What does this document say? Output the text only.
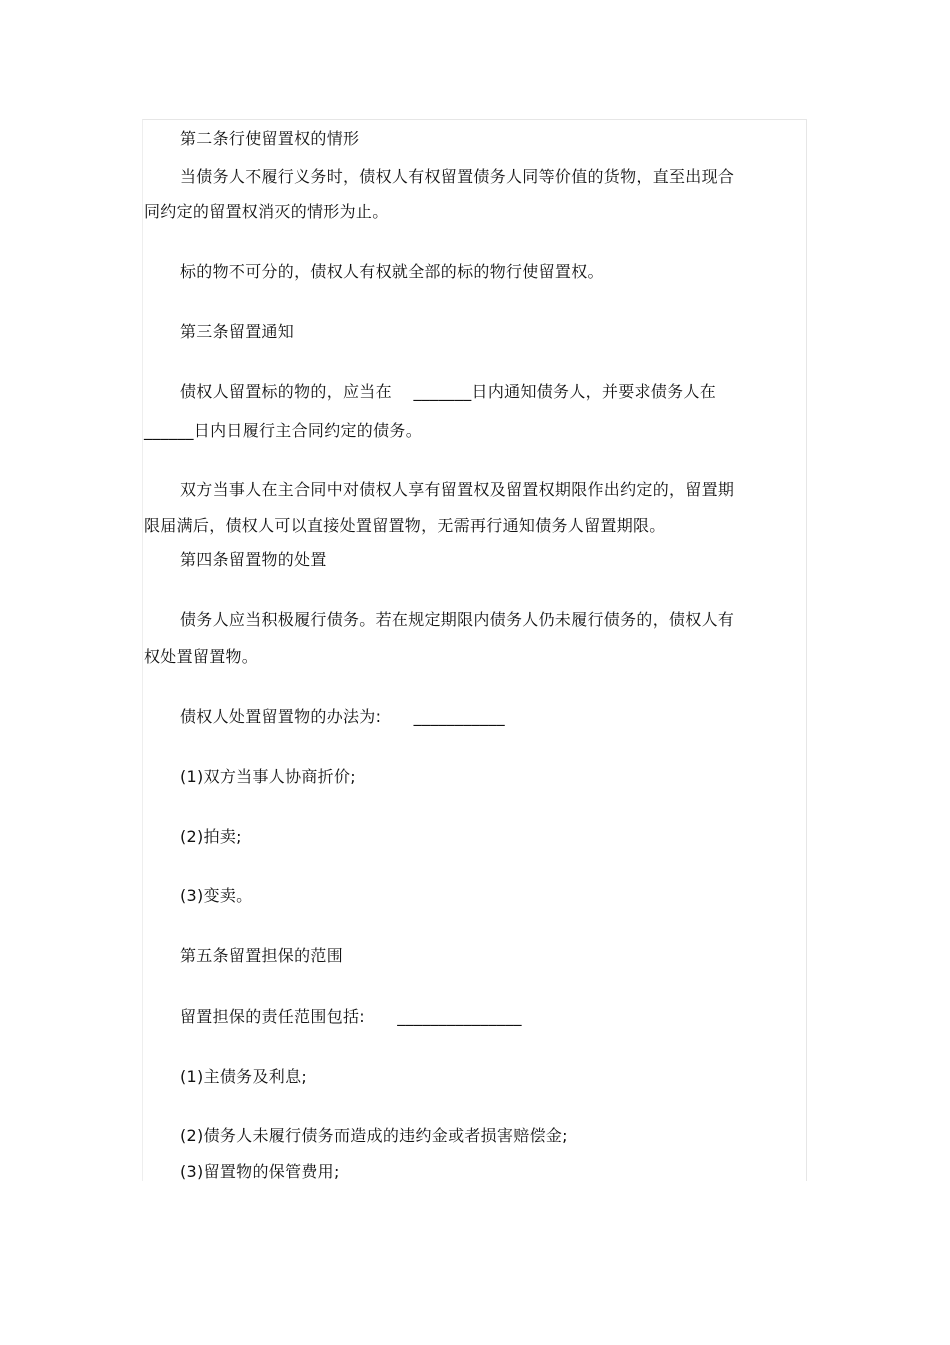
第二条行使留置权的情形
当债务人不履行义务时，债权人有权留置债务人同等价值的货物，直至出现合
同约定的留置权消灭的情形为止。
标的物不可分的，债权人有权就全部的标的物行使留置权。
第三条留置通知
债权人留置标的物的，应当在    _______日内通知债务人，并要求债务人在
______日内日履行主合同约定的债务。
双方当事人在主合同中对债权人享有留置权及留置权期限作出约定的，留置期
限届满后，债权人可以直接处置留置物，无需再行通知债务人留置期限。
第四条留置物的处置
债务人应当积极履行债务。若在规定期限内债务人仍未履行债务的，债权人有
权处置留置物。
债权人处置留置物的办法为:      ___________
(1)双方当事人协商折价;
(2)拍卖;
(3)变卖。
第五条留置担保的范围
留置担保的责任范围包括:      _______________
(1)主债务及利息;
(2)债务人未履行债务而造成的违约金或者损害赔偿金;
(3)留置物的保管费用;
